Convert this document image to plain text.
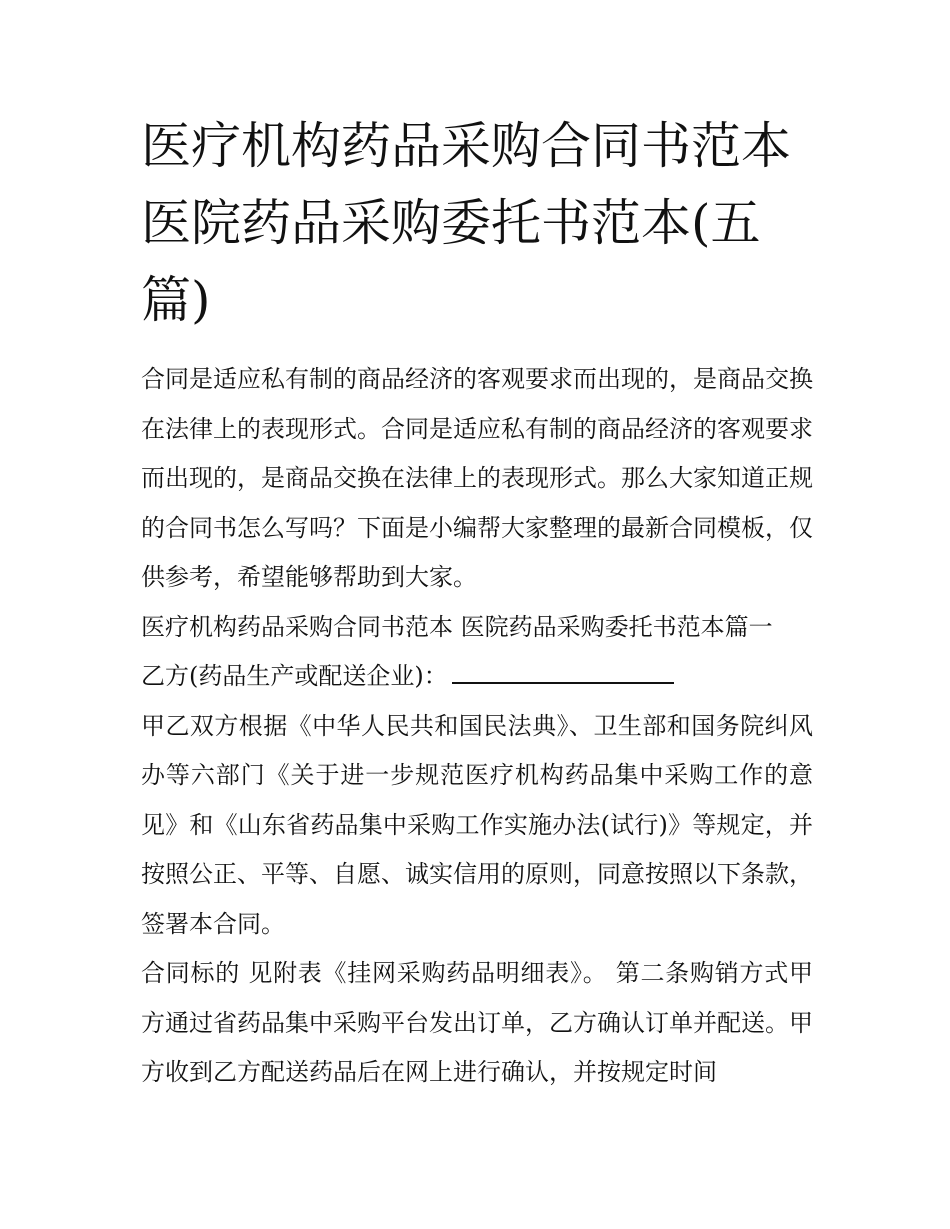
医疗机构药品采购合同书范本 医院药品采购委托书范本(五篇)

合同是适应私有制的商品经济的客观要求而出现的，是商品交换在法律上的表现形式。合同是适应私有制的商品经济的客观要求而出现的，是商品交换在法律上的表现形式。那么大家知道正规的合同书怎么写吗？下面是小编帮大家整理的最新合同模板，仅供参考，希望能够帮助到大家。

医疗机构药品采购合同书范本 医院药品采购委托书范本篇一

乙方(药品生产或配送企业)：

甲乙双方根据《中华人民共和国民法典》、卫生部和国务院纠风办等六部门《关于进一步规范医疗机构药品集中采购工作的意见》和《山东省药品集中采购工作实施办法(试行)》等规定，并按照公正、平等、自愿、诚实信用的原则，同意按照以下条款，签署本合同。

合同标的 见附表《挂网采购药品明细表》。 第二条购销方式甲方通过省药品集中采购平台发出订单，乙方确认订单并配送。甲方收到乙方配送药品后在网上进行确认，并按规定时间
